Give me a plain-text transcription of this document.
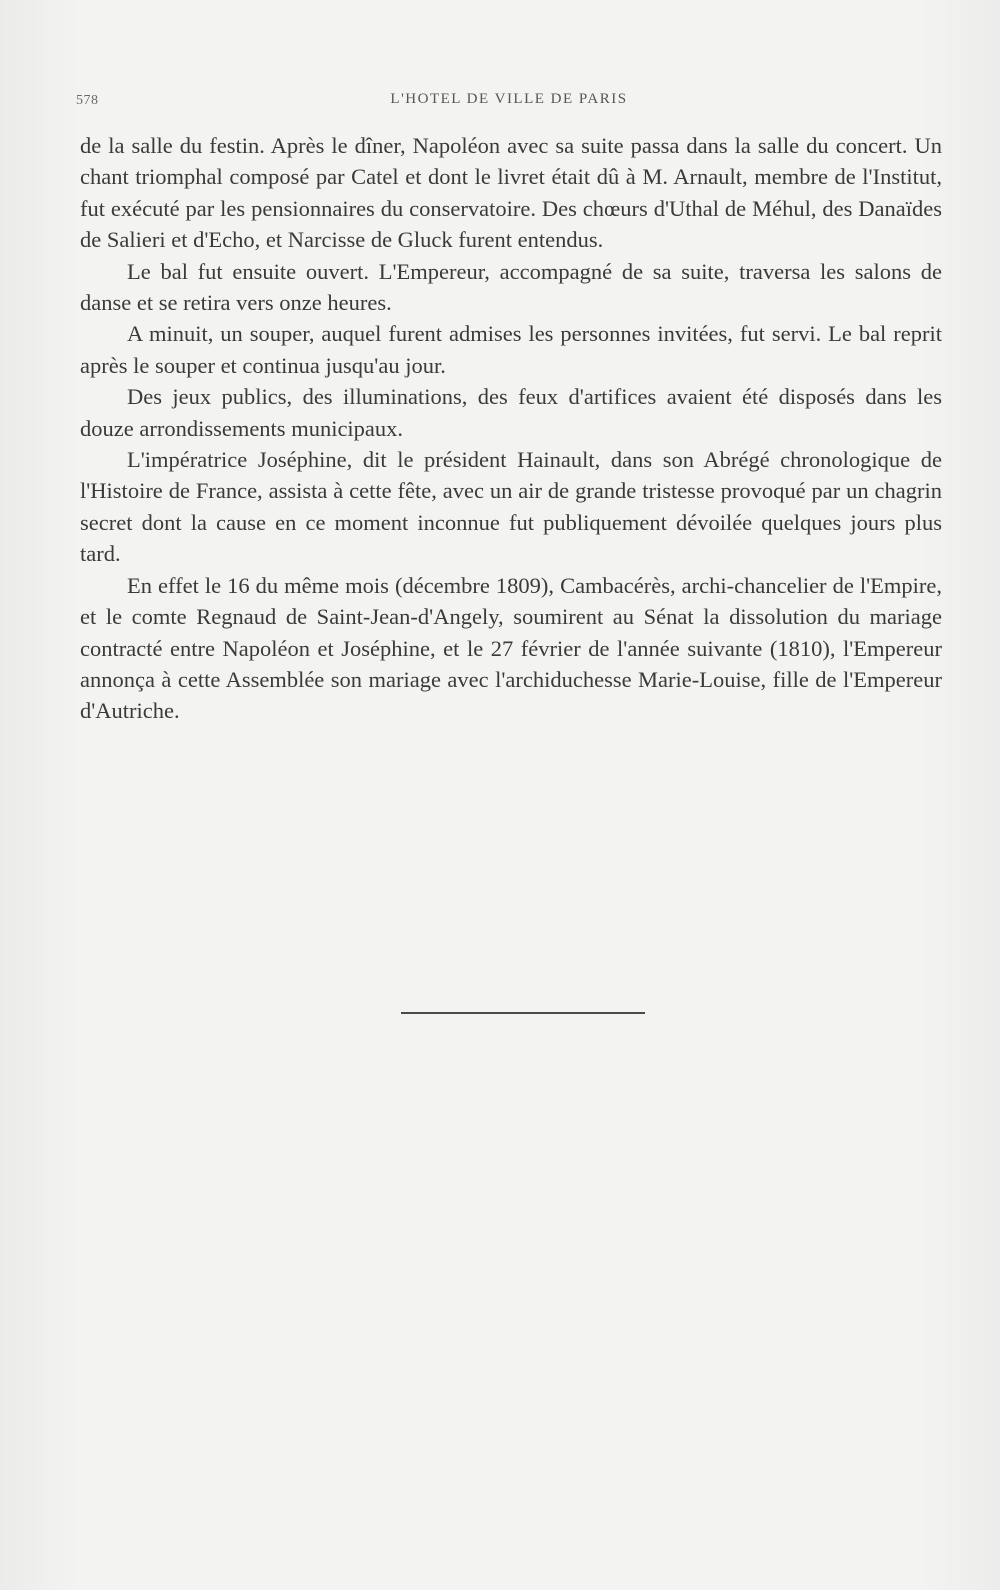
578	L'HOTEL DE VILLE DE PARIS

de la salle du festin. Après le dîner, Napoléon avec sa suite passa dans la salle du concert. Un chant triomphal composé par Catel et dont le livret était dû à M. Arnault, membre de l'Institut, fut exécuté par les pensionnaires du conservatoire. Des chœurs d'Uthal de Méhul, des Danaïdes de Salieri et d'Echo, et Narcisse de Gluck furent entendus.

Le bal fut ensuite ouvert. L'Empereur, accompagné de sa suite, traversa les salons de danse et se retira vers onze heures.

A minuit, un souper, auquel furent admises les personnes invitées, fut servi. Le bal reprit après le souper et continua jusqu'au jour.

Des jeux publics, des illuminations, des feux d'artifices avaient été disposés dans les douze arrondissements municipaux.

L'impératrice Joséphine, dit le président Hainault, dans son Abrégé chronologique de l'Histoire de France, assista à cette fête, avec un air de grande tristesse provoqué par un chagrin secret dont la cause en ce moment inconnue fut publiquement dévoilée quelques jours plus tard.

En effet le 16 du même mois (décembre 1809), Cambacérès, archi-chancelier de l'Empire, et le comte Regnaud de Saint-Jean-d'Angely, soumirent au Sénat la dissolution du mariage contracté entre Napoléon et Joséphine, et le 27 février de l'année suivante (1810), l'Empereur annonça à cette Assemblée son mariage avec l'archiduchesse Marie-Louise, fille de l'Empereur d'Autriche.
